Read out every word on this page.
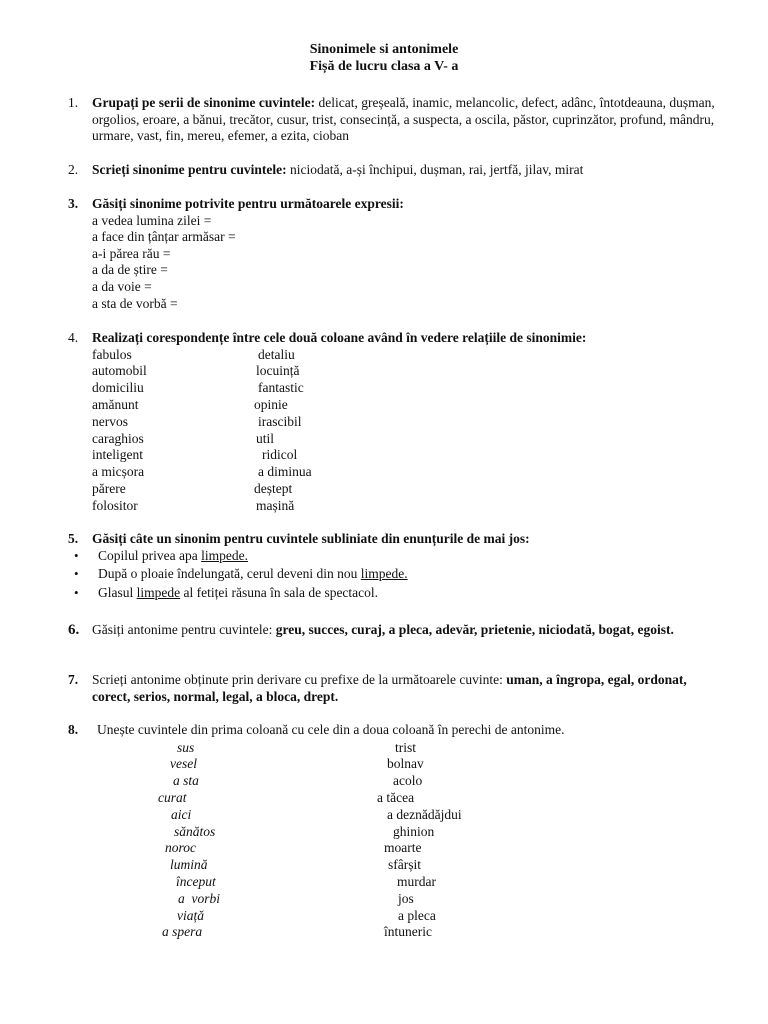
Sinonimele si antonimele
Fișă de lucru clasa a V- a
1.	Grupați pe serii de sinonime cuvintele: delicat, greșeală, inamic, melancolic, defect, adânc, întotdeauna, dușman, orgolios, eroare, a bănui, trecător, cusur, trist, consecință, a suspecta, a oscila, păstor, cuprinzător, profund, mândru, urmare, vast, fin, mereu, efemer, a ezita, cioban
2.	Scrieți sinonime pentru cuvintele: niciodată, a-și închipui, dușman, rai, jertfă, jilav, mirat
3.	Găsiți sinonime potrivite pentru următoarele expresii:
a vedea lumina zilei =
a face din țânțar armăsar =
a-i părea rău =
a da de știre =
a da voie =
a sta de vorbă =
4.	Realizați corespondențe între cele două coloane având în vedere relațiile de sinonimie:
fabulos	detaliu
automobil	locuință
domiciliu	fantastic
amănunt	opinie
nervos	irascibil
caraghios	util
inteligent	ridicol
a micșora	a diminua
părere	deștept
folositor	mașină
5.	Găsiți câte un sinonim pentru cuvintele subliniate din enunțurile de mai jos:
• Copilul privea apa limpede.
• După o ploaie îndelungată, cerul deveni din nou limpede.
• Glasul limpede al fetiței răsuna în sala de spectacol.
6. Găsiți antonime pentru cuvintele: greu, succes, curaj, a pleca, adevăr, prietenie, niciodată, bogat, egoist.
7.	Scrieți antonime obținute prin derivare cu prefixe de la următoarele cuvinte: uman, a îngropa, egal, ordonat, corect, serios, normal, legal, a bloca, drept.
8.	Unește cuvintele din prima coloană cu cele din a doua coloană în perechi de antonime.
sus	trist
vesel	bolnav
a sta	acolo
curat	a tăcea
aici	a deznădăjdui
sănătos	ghinion
noroc	moarte
lumină	sfârșit
început	murdar
a  vorbi	jos
viață	a pleca
a spera	întuneric
